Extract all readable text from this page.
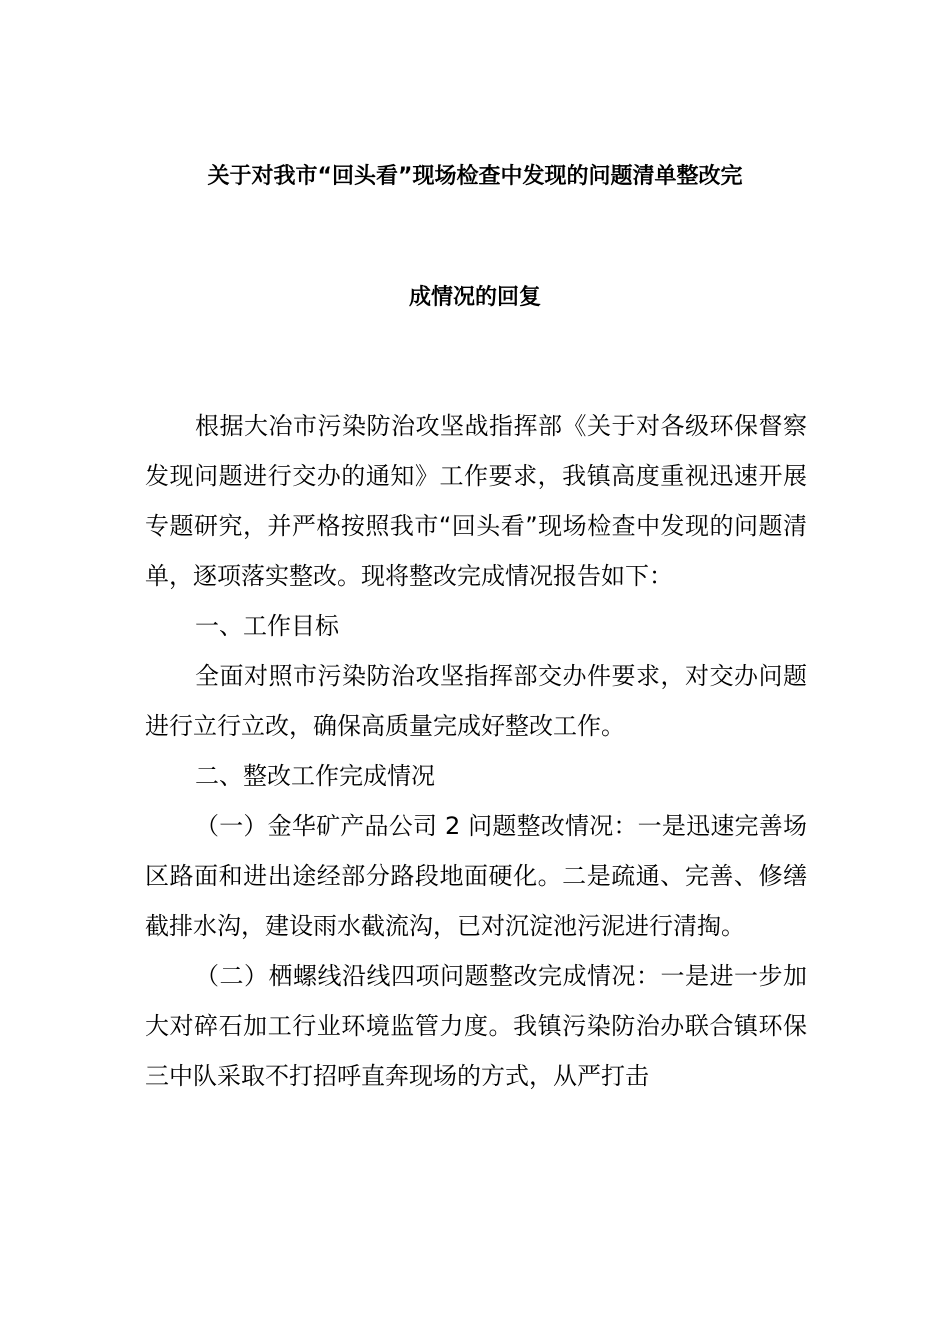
关于对我市“回头看”现场检查中发现的问题清单整改完
成情况的回复

根据大冶市污染防治攻坚战指挥部《关于对各级环保督察发现问题进行交办的通知》工作要求，我镇高度重视迅速开展专题研究，并严格按照我市“回头看”现场检查中发现的问题清单，逐项落实整改。现将整改完成情况报告如下：

一、工作目标

全面对照市污染防治攻坚指挥部交办件要求，对交办问题进行立行立改，确保高质量完成好整改工作。

二、整改工作完成情况

（一）金华矿产品公司 2 问题整改情况：一是迅速完善场区路面和进出途经部分路段地面硬化。二是疏通、完善、修缮截排水沟，建设雨水截流沟，已对沉淀池污泥进行清掏。

（二）栖螺线沿线四项问题整改完成情况：一是进一步加大对碎石加工行业环境监管力度。我镇污染防治办联合镇环保三中队采取不打招呼直奔现场的方式，从严打击
